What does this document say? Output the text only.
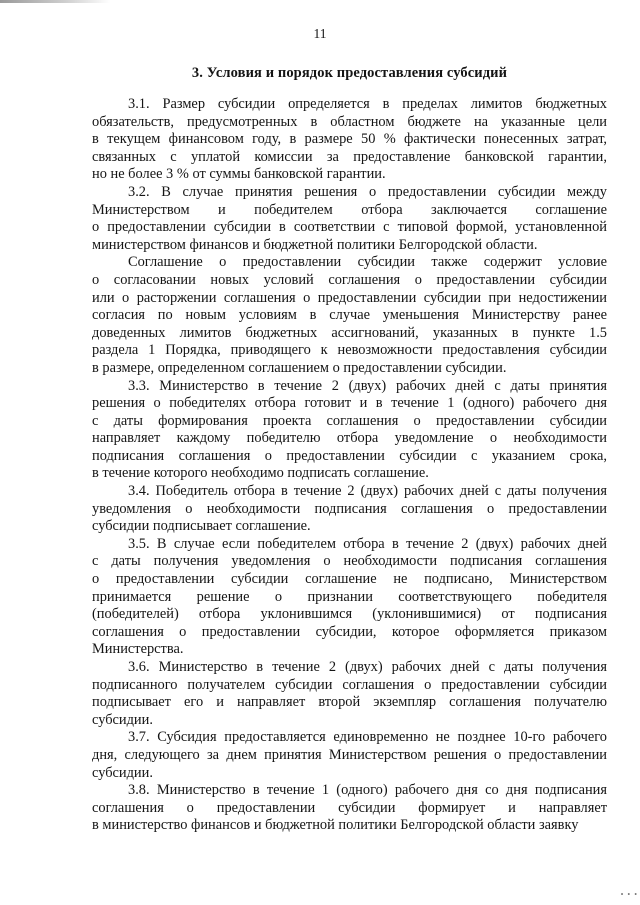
11
3. Условия и порядок предоставления субсидий
3.1. Размер субсидии определяется в пределах лимитов бюджетных
обязательств, предусмотренных в областном бюджете на указанные цели
в текущем финансовом году, в размере 50 % фактически понесенных затрат,
связанных с уплатой комиссии за предоставление банковской гарантии,
но не более 3 % от суммы банковской гарантии.
3.2. В случае принятия решения о предоставлении субсидии между
Министерством и победителем отбора заключается соглашение
о предоставлении субсидии в соответствии с типовой формой, установленной
министерством финансов и бюджетной политики Белгородской области.
Соглашение о предоставлении субсидии также содержит условие
о согласовании новых условий соглашения о предоставлении субсидии
или о расторжении соглашения о предоставлении субсидии при недостижении
согласия по новым условиям в случае уменьшения Министерству ранее
доведенных лимитов бюджетных ассигнований, указанных в пункте 1.5
раздела 1 Порядка, приводящего к невозможности предоставления субсидии
в размере, определенном соглашением о предоставлении субсидии.
3.3. Министерство в течение 2 (двух) рабочих дней с даты принятия
решения о победителях отбора готовит и в течение 1 (одного) рабочего дня
с даты формирования проекта соглашения о предоставлении субсидии
направляет каждому победителю отбора уведомление о необходимости
подписания соглашения о предоставлении субсидии с указанием срока,
в течение которого необходимо подписать соглашение.
3.4. Победитель отбора в течение 2 (двух) рабочих дней с даты получения
уведомления о необходимости подписания соглашения о предоставлении
субсидии подписывает соглашение.
3.5. В случае если победителем отбора в течение 2 (двух) рабочих дней
с даты получения уведомления о необходимости подписания соглашения
о предоставлении субсидии соглашение не подписано, Министерством
принимается решение о признании соответствующего победителя
(победителей) отбора уклонившимся (уклонившимися) от подписания
соглашения о предоставлении субсидии, которое оформляется приказом
Министерства.
3.6. Министерство в течение 2 (двух) рабочих дней с даты получения
подписанного получателем субсидии соглашения о предоставлении субсидии
подписывает его и направляет второй экземпляр соглашения получателю
субсидии.
3.7. Субсидия предоставляется единовременно не позднее 10-го рабочего
дня, следующего за днем принятия Министерством решения о предоставлении
субсидии.
3.8. Министерство в течение 1 (одного) рабочего дня со дня подписания
соглашения о предоставлении субсидии формирует и направляет
в министерство финансов и бюджетной политики Белгородской области заявку
• • •
